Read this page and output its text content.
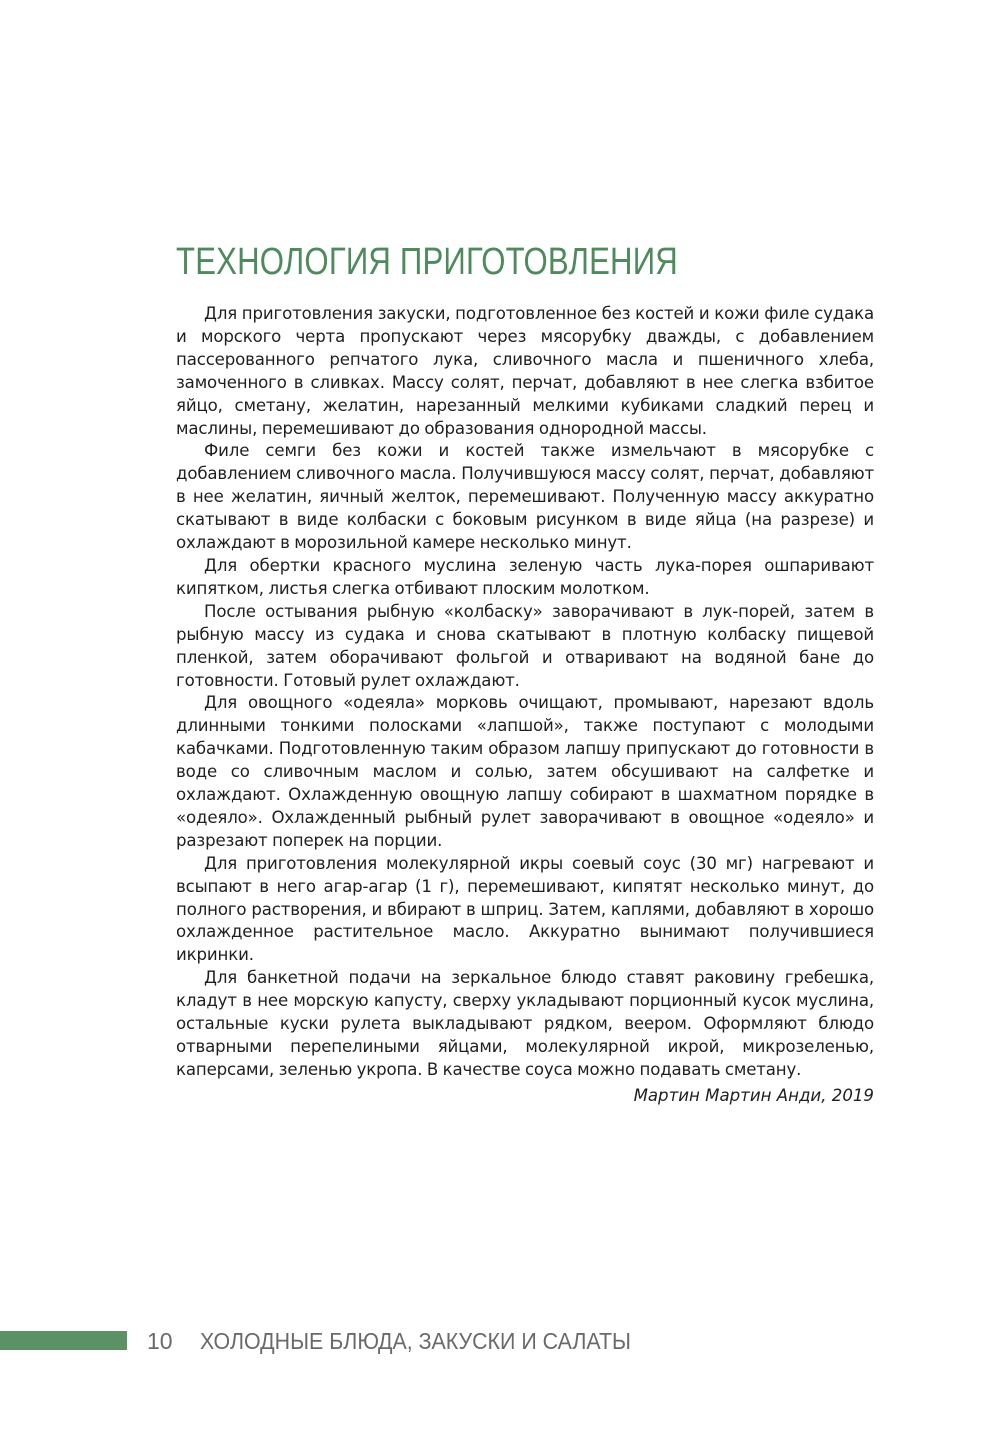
ТЕХНОЛОГИЯ ПРИГОТОВЛЕНИЯ

Для приготовления закуски, подготовленное без костей и кожи филе судака и морского черта пропускают через мясорубку дважды, с добавлением пассерованного репчатого лука, сливочного масла и пшеничного хлеба, замоченного в сливках. Массу солят, перчат, добавляют в нее слегка взбитое яйцо, сметану, желатин, нарезанный мелкими кубиками сладкий перец и маслины, перемешивают до образования однородной массы.

Филе семги без кожи и костей также измельчают в мясорубке с добавлением сливочного масла. Получившуюся массу солят, перчат, добавляют в нее желатин, яичный желток, перемешивают. Полученную массу аккуратно скатывают в виде колбаски с боковым рисунком в виде яйца (на разрезе) и охлаждают в морозильной камере несколько минут.

Для обертки красного муслина зеленую часть лука-порея ошпаривают кипятком, листья слегка отбивают плоским молотком.

После остывания рыбную «колбаску» заворачивают в лук-порей, затем в рыбную массу из судака и снова скатывают в плотную колбаску пищевой пленкой, затем оборачивают фольгой и отваривают на водяной бане до готовности. Готовый рулет охлаждают.

Для овощного «одеяла» морковь очищают, промывают, нарезают вдоль длинными тонкими полосками «лапшой», также поступают с молодыми кабачками. Подготовленную таким образом лапшу припускают до готовности в воде со сливочным маслом и солью, затем обсушивают на салфетке и охлаждают. Охлажденную овощную лапшу собирают в шахматном порядке в «одеяло». Охлажденный рыбный рулет заворачивают в овощное «одеяло» и разрезают поперек на порции.

Для приготовления молекулярной икры соевый соус (30 мг) нагревают и всыпают в него агар-агар (1 г), перемешивают, кипятят несколько минут, до полного растворения, и вбирают в шприц. Затем, каплями, добавляют в хорошо охлажденное растительное масло. Аккуратно вынимают получившиеся икринки.

Для банкетной подачи на зеркальное блюдо ставят раковину гребешка, кладут в нее морскую капусту, сверху укладывают порционный кусок муслина, остальные куски рулета выкладывают рядком, веером. Оформляют блюдо отварными перепелиными яйцами, молекулярной икрой, микрозеленью, каперсами, зеленью укропа. В качестве соуса можно подавать сметану.

Мартин Мартин Анди, 2019

10 ХОЛОДНЫЕ БЛЮДА, ЗАКУСКИ И САЛАТЫ
